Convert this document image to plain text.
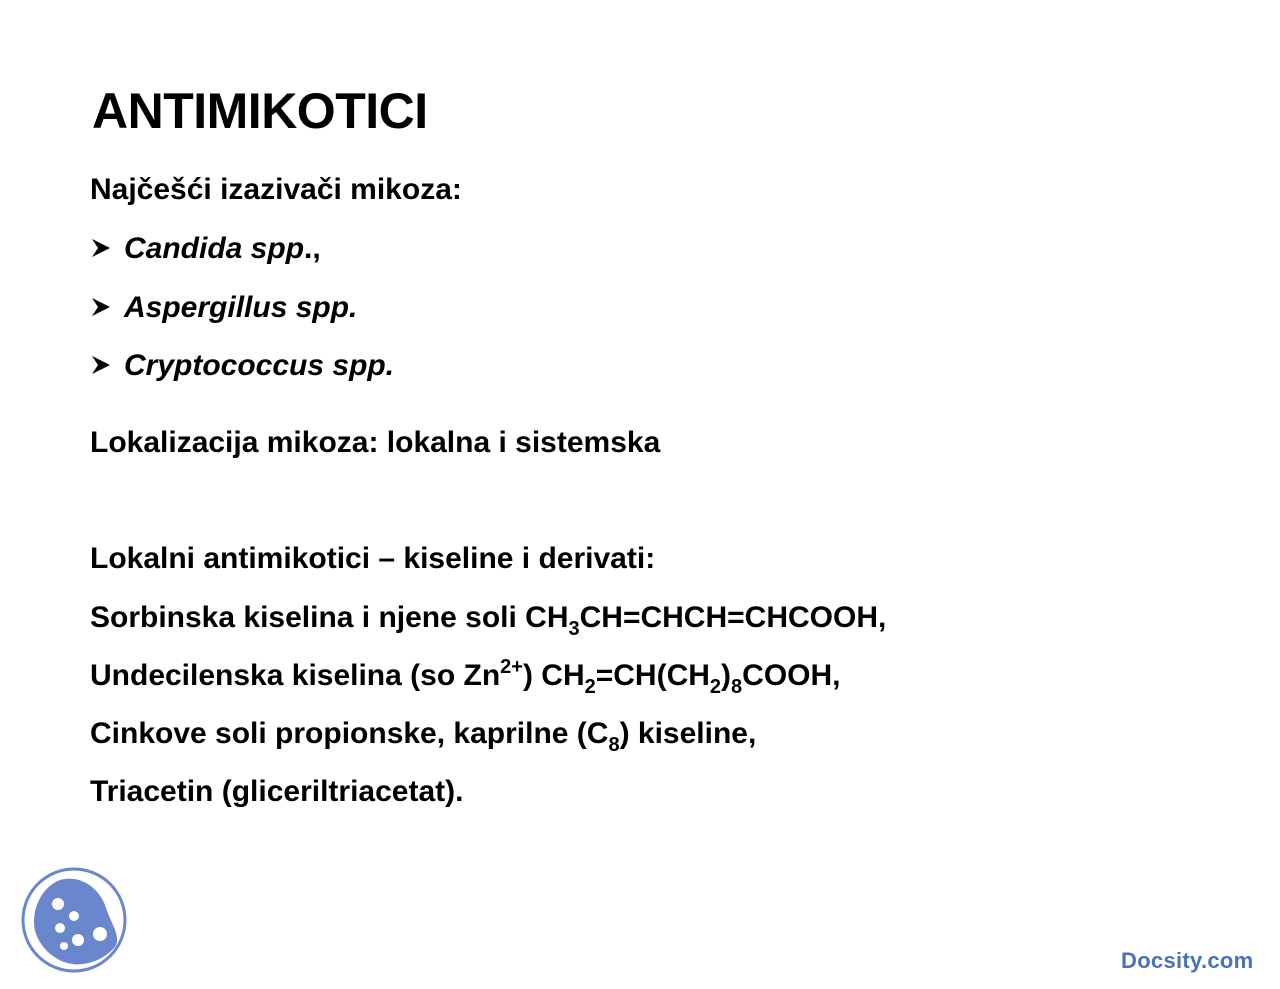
ANTIMIKOTICI
Najčešći izazivači mikoza:
Candida spp.,
Aspergillus spp.
Cryptococcus spp.
Lokalizacija mikoza: lokalna i sistemska
Lokalni antimikotici – kiseline i derivati:
Sorbinska kiselina i njene soli $CH_3CH=CHCH=CHCOOH$,
Undecilenska kiselina (so $Zn^{2+}$) $CH_2=CH(CH_2)_8COOH$,
Cinkove soli propionske, kaprilne $(C_8)$ kiseline,
Triacetin (gliceriltriacetat).
Docsity.com
